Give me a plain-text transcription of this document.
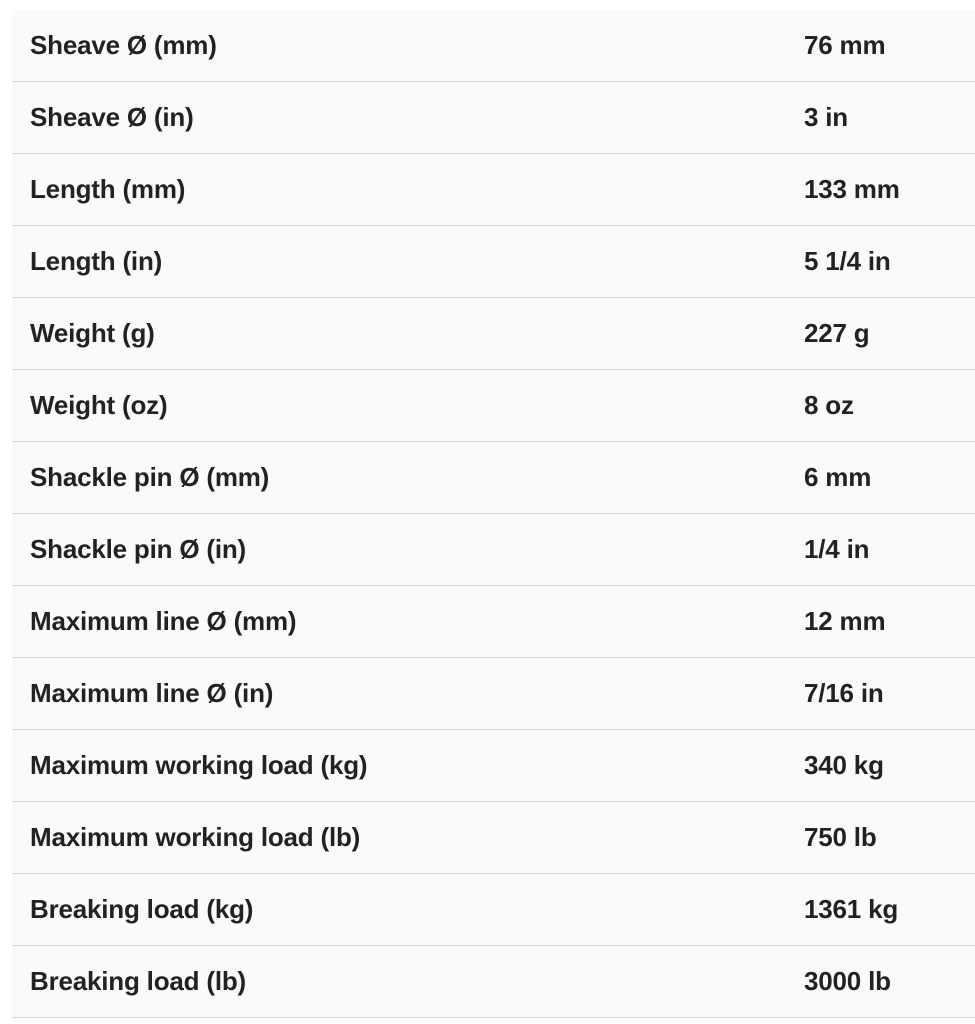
Sheave Ø (mm)	76 mm
Sheave Ø (in)	3 in
Length (mm)	133 mm
Length (in)	5 1/4 in
Weight (g)	227 g
Weight (oz)	8 oz
Shackle pin Ø (mm)	6 mm
Shackle pin Ø (in)	1/4 in
Maximum line Ø (mm)	12 mm
Maximum line Ø (in)	7/16 in
Maximum working load (kg)	340 kg
Maximum working load (lb)	750 lb
Breaking load (kg)	1361 kg
Breaking load (lb)	3000 lb
